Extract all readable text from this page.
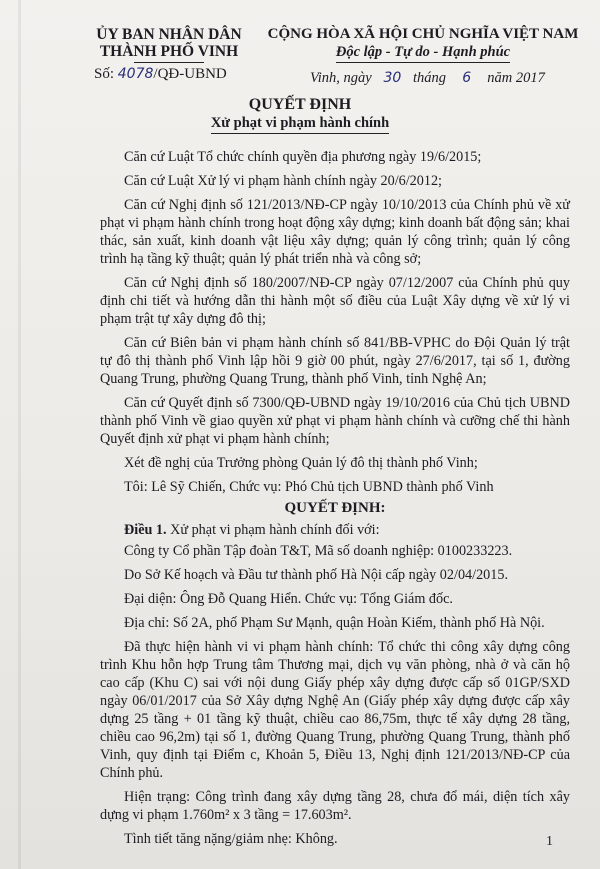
ỦY BAN NHÂN DÂN
THÀNH PHỐ VINH
Số: 4078/QĐ-UBND
CỘNG HÒA XÃ HỘI CHỦ NGHĨA VIỆT NAM
Độc lập - Tự do - Hạnh phúc
Vinh, ngày 30 tháng 6 năm 2017
QUYẾT ĐỊNH
Xử phạt vi phạm hành chính

Căn cứ Luật Tổ chức chính quyền địa phương ngày 19/6/2015;

Căn cứ Luật Xử lý vi phạm hành chính ngày 20/6/2012;

Căn cứ Nghị định số 121/2013/NĐ-CP ngày 10/10/2013 của Chính phủ về xử phạt vi phạm hành chính trong hoạt động xây dựng; kinh doanh bất động sản; khai thác, sản xuất, kinh doanh vật liệu xây dựng; quản lý công trình; quản lý công trình hạ tầng kỹ thuật; quản lý phát triển nhà và công sở;

Căn cứ Nghị định số 180/2007/NĐ-CP ngày 07/12/2007 của Chính phủ quy định chi tiết và hướng dẫn thi hành một số điều của Luật Xây dựng về xử lý vi phạm trật tự xây dựng đô thị;

Căn cứ Biên bản vi phạm hành chính số 841/BB-VPHC do Đội Quản lý trật tự đô thị thành phố Vinh lập hồi 9 giờ 00 phút, ngày 27/6/2017, tại số 1, đường Quang Trung, phường Quang Trung, thành phố Vinh, tỉnh Nghệ An;

Căn cứ Quyết định số 7300/QĐ-UBND ngày 19/10/2016 của Chủ tịch UBND thành phố Vinh về giao quyền xử phạt vi phạm hành chính và cưỡng chế thi hành Quyết định xử phạt vi phạm hành chính;

Xét đề nghị của Trưởng phòng Quản lý đô thị thành phố Vinh;

Tôi: Lê Sỹ Chiến, Chức vụ: Phó Chủ tịch UBND thành phố Vinh

QUYẾT ĐỊNH:

Điều 1. Xử phạt vi phạm hành chính đối với:

Công ty Cổ phần Tập đoàn T&T, Mã số doanh nghiệp: 0100233223.

Do Sở Kế hoạch và Đầu tư thành phố Hà Nội cấp ngày 02/04/2015.

Đại diện: Ông Đỗ Quang Hiển. Chức vụ: Tổng Giám đốc.

Địa chỉ: Số 2A, phố Phạm Sư Mạnh, quận Hoàn Kiếm, thành phố Hà Nội.

Đã thực hiện hành vi vi phạm hành chính: Tổ chức thi công xây dựng công trình Khu hỗn hợp Trung tâm Thương mại, dịch vụ văn phòng, nhà ở và căn hộ cao cấp (Khu C) sai với nội dung Giấy phép xây dựng được cấp số 01GP/SXD ngày 06/01/2017 của Sở Xây dựng Nghệ An (Giấy phép xây dựng được cấp xây dựng 25 tầng + 01 tầng kỹ thuật, chiều cao 86,75m, thực tế xây dựng 28 tầng, chiều cao 96,2m) tại số 1, đường Quang Trung, phường Quang Trung, thành phố Vinh, quy định tại Điểm c, Khoản 5, Điều 13, Nghị định 121/2013/NĐ-CP của Chính phủ.

Hiện trạng: Công trình đang xây dựng tầng 28, chưa đổ mái, diện tích xây dựng vi phạm 1.760m² x 3 tầng = 17.603m².

Tình tiết tăng nặng/giảm nhẹ: Không.	1
